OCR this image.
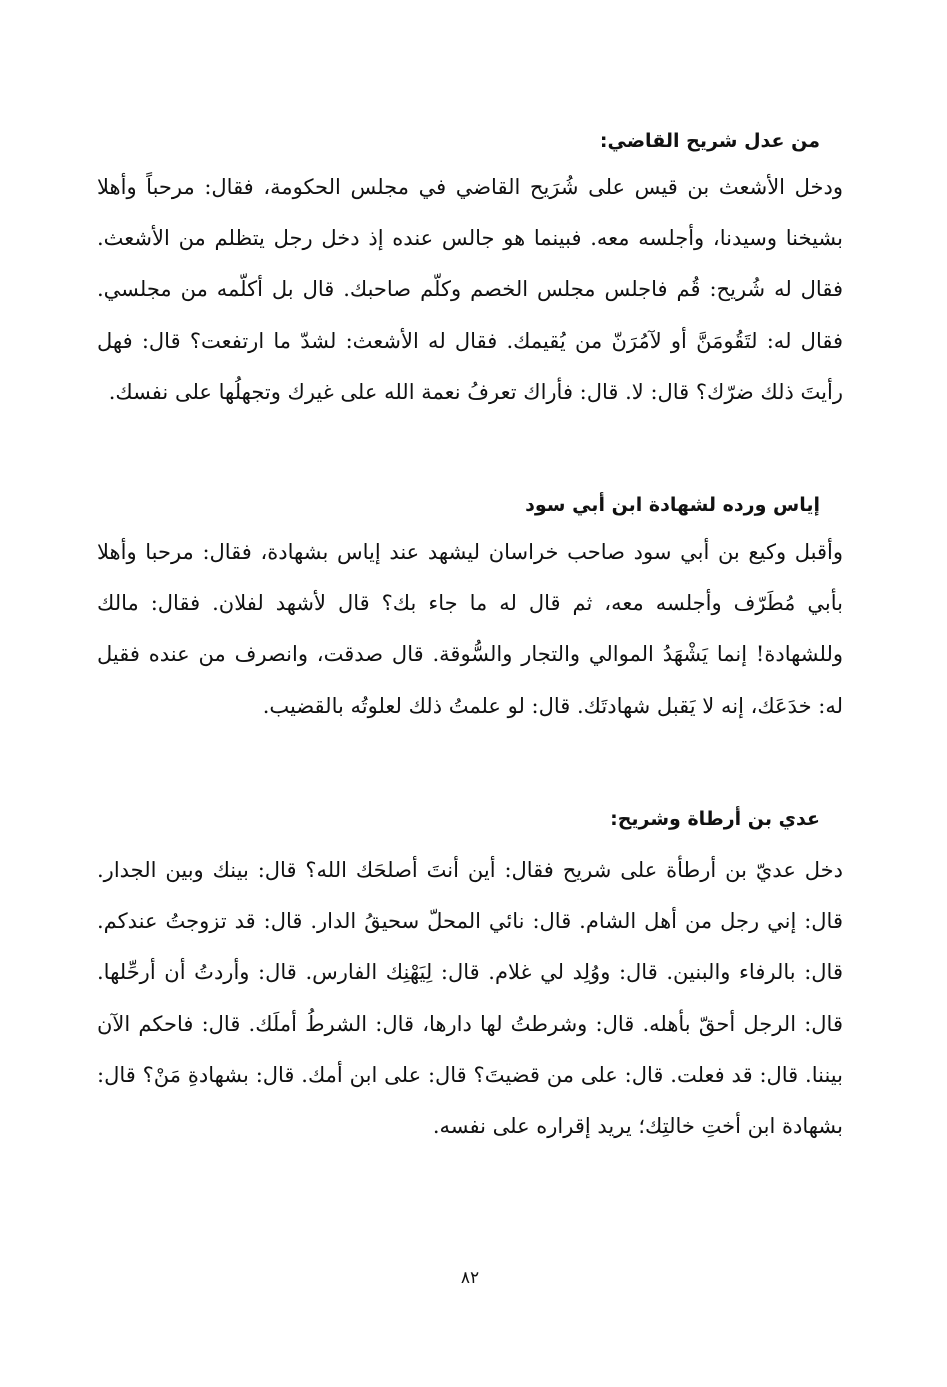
من عدل شريح القاضي:

ودخل الأشعث بن قيس على شُرَيح القاضي في مجلس الحكومة، فقال: مرحباً وأهلا بشيخنا وسيدنا، وأجلسه معه. فبينما هو جالس عنده إذ دخل رجل يتظلم من الأشعث. فقال له شُريح: قُم فاجلس مجلس الخصم وكلّم صاحبك. قال بل أكلّمه من مجلسي. فقال له: لتَقُومَنَّ أو لآمُرَنّ من يُقيمك. فقال له الأشعث: لشدّ ما ارتفعت؟ قال: فهل رأيتَ ذلك ضرّك؟ قال: لا. قال: فأراك تعرفُ نعمة الله على غيرك وتجهلُها على نفسك.

إياس ورده لشهادة ابن أبي سود

وأقبل وكيع بن أبي سود صاحب خراسان ليشهد عند إياس بشهادة، فقال: مرحبا وأهلا بأبي مُطَرّف وأجلسه معه، ثم قال له ما جاء بك؟ قال لأشهد لفلان. فقال: مالك وللشهادة! إنما يَشْهَدُ الموالي والتجار والسُّوقة. قال صدقت، وانصرف من عنده فقيل له: خدَعَك، إنه لا يَقبل شهادتَك. قال: لو علمتُ ذلك لعلوتُه بالقضيب.

عدي بن أرطاة وشريح:

دخل عديّ بن أرطأة على شريح فقال: أين أنتَ أصلحَك الله؟ قال: بينك وبين الجدار. قال: إني رجل من أهل الشام. قال: نائي المحلّ سحيقُ الدار. قال: قد تزوجتُ عندكم. قال: بالرفاء والبنين. قال: ووُلِد لي غلام. قال: لِيَهْنِك الفارس. قال: وأردتُ أن أرحِّلها. قال: الرجل أحقّ بأهله. قال: وشرطتُ لها دارها، قال: الشرطُ أملَك. قال: فاحكم الآن بيننا. قال: قد فعلت. قال: على من قضيتَ؟ قال: على ابن أمك. قال: بشهادةِ مَنْ؟ قال: بشهادة ابن أختِ خالتِك؛ يريد إقراره على نفسه.

٨٢
